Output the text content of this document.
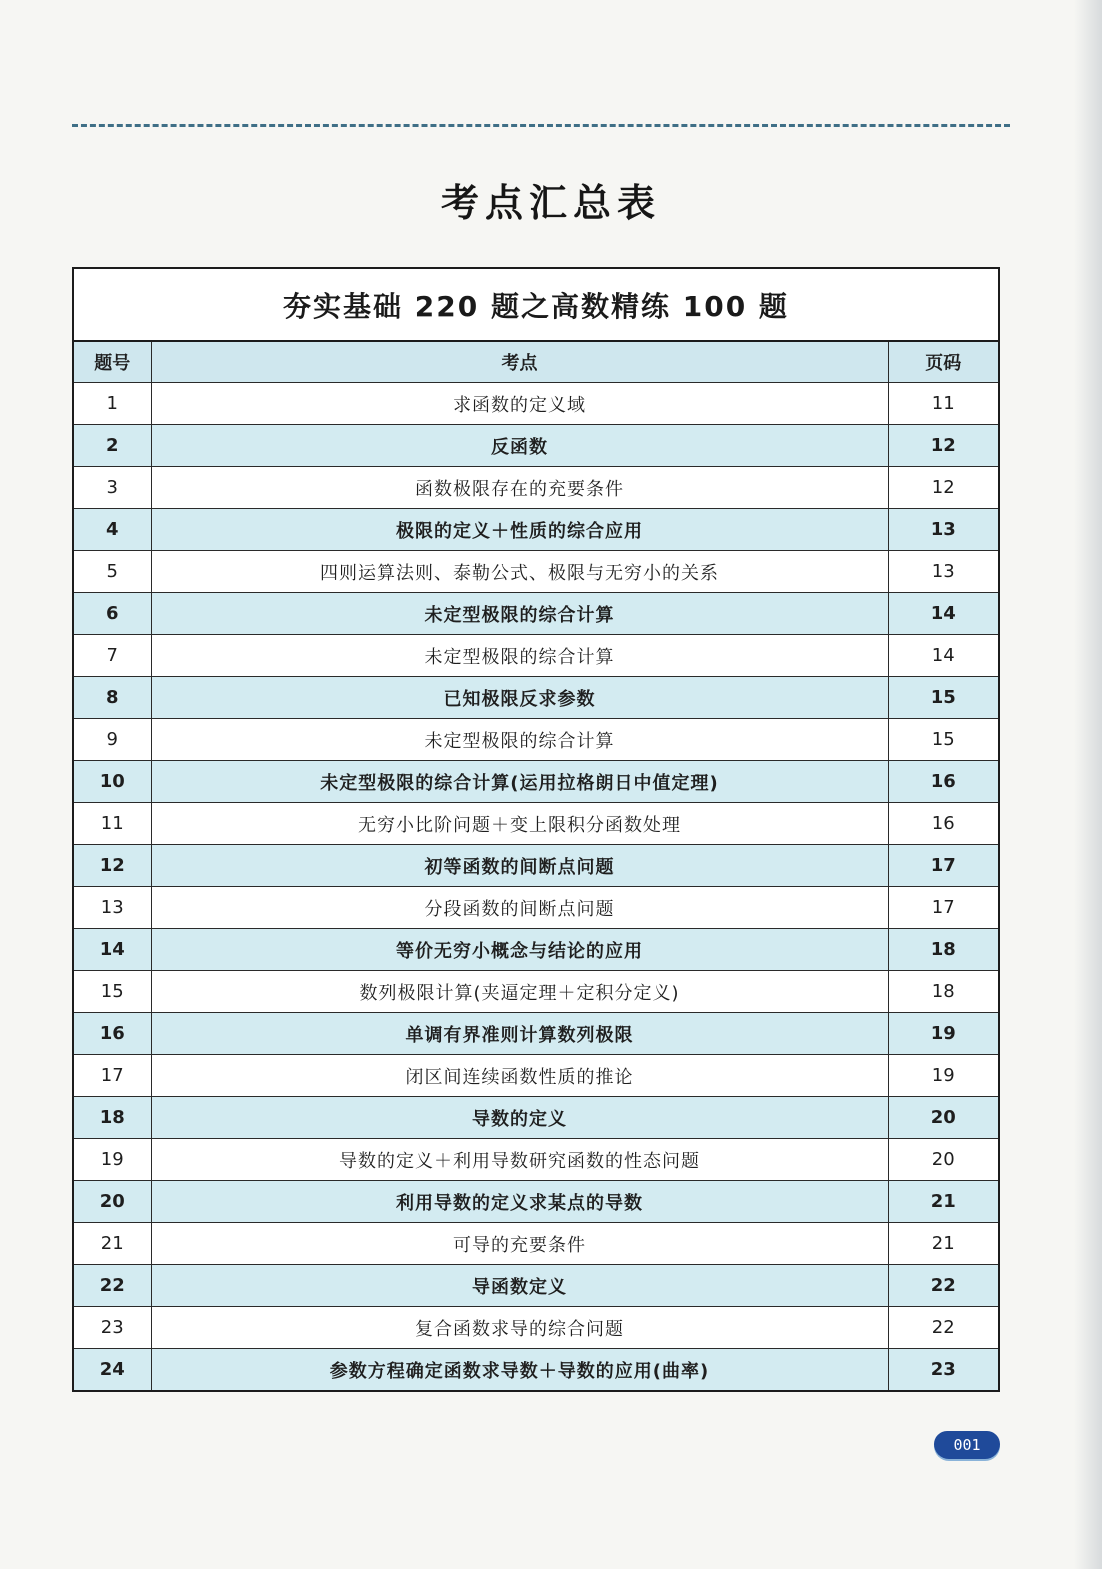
考点汇总表
夯实基础 220 题之高数精练 100 题
题号	考点	页码
1	求函数的定义域	11
2	反函数	12
3	函数极限存在的充要条件	12
4	极限的定义＋性质的综合应用	13
5	四则运算法则、泰勒公式、极限与无穷小的关系	13
6	未定型极限的综合计算	14
7	未定型极限的综合计算	14
8	已知极限反求参数	15
9	未定型极限的综合计算	15
10	未定型极限的综合计算(运用拉格朗日中值定理)	16
11	无穷小比阶问题＋变上限积分函数处理	16
12	初等函数的间断点问题	17
13	分段函数的间断点问题	17
14	等价无穷小概念与结论的应用	18
15	数列极限计算(夹逼定理＋定积分定义)	18
16	单调有界准则计算数列极限	19
17	闭区间连续函数性质的推论	19
18	导数的定义	20
19	导数的定义＋利用导数研究函数的性态问题	20
20	利用导数的定义求某点的导数	21
21	可导的充要条件	21
22	导函数定义	22
23	复合函数求导的综合问题	22
24	参数方程确定函数求导数＋导数的应用(曲率)	23
001
